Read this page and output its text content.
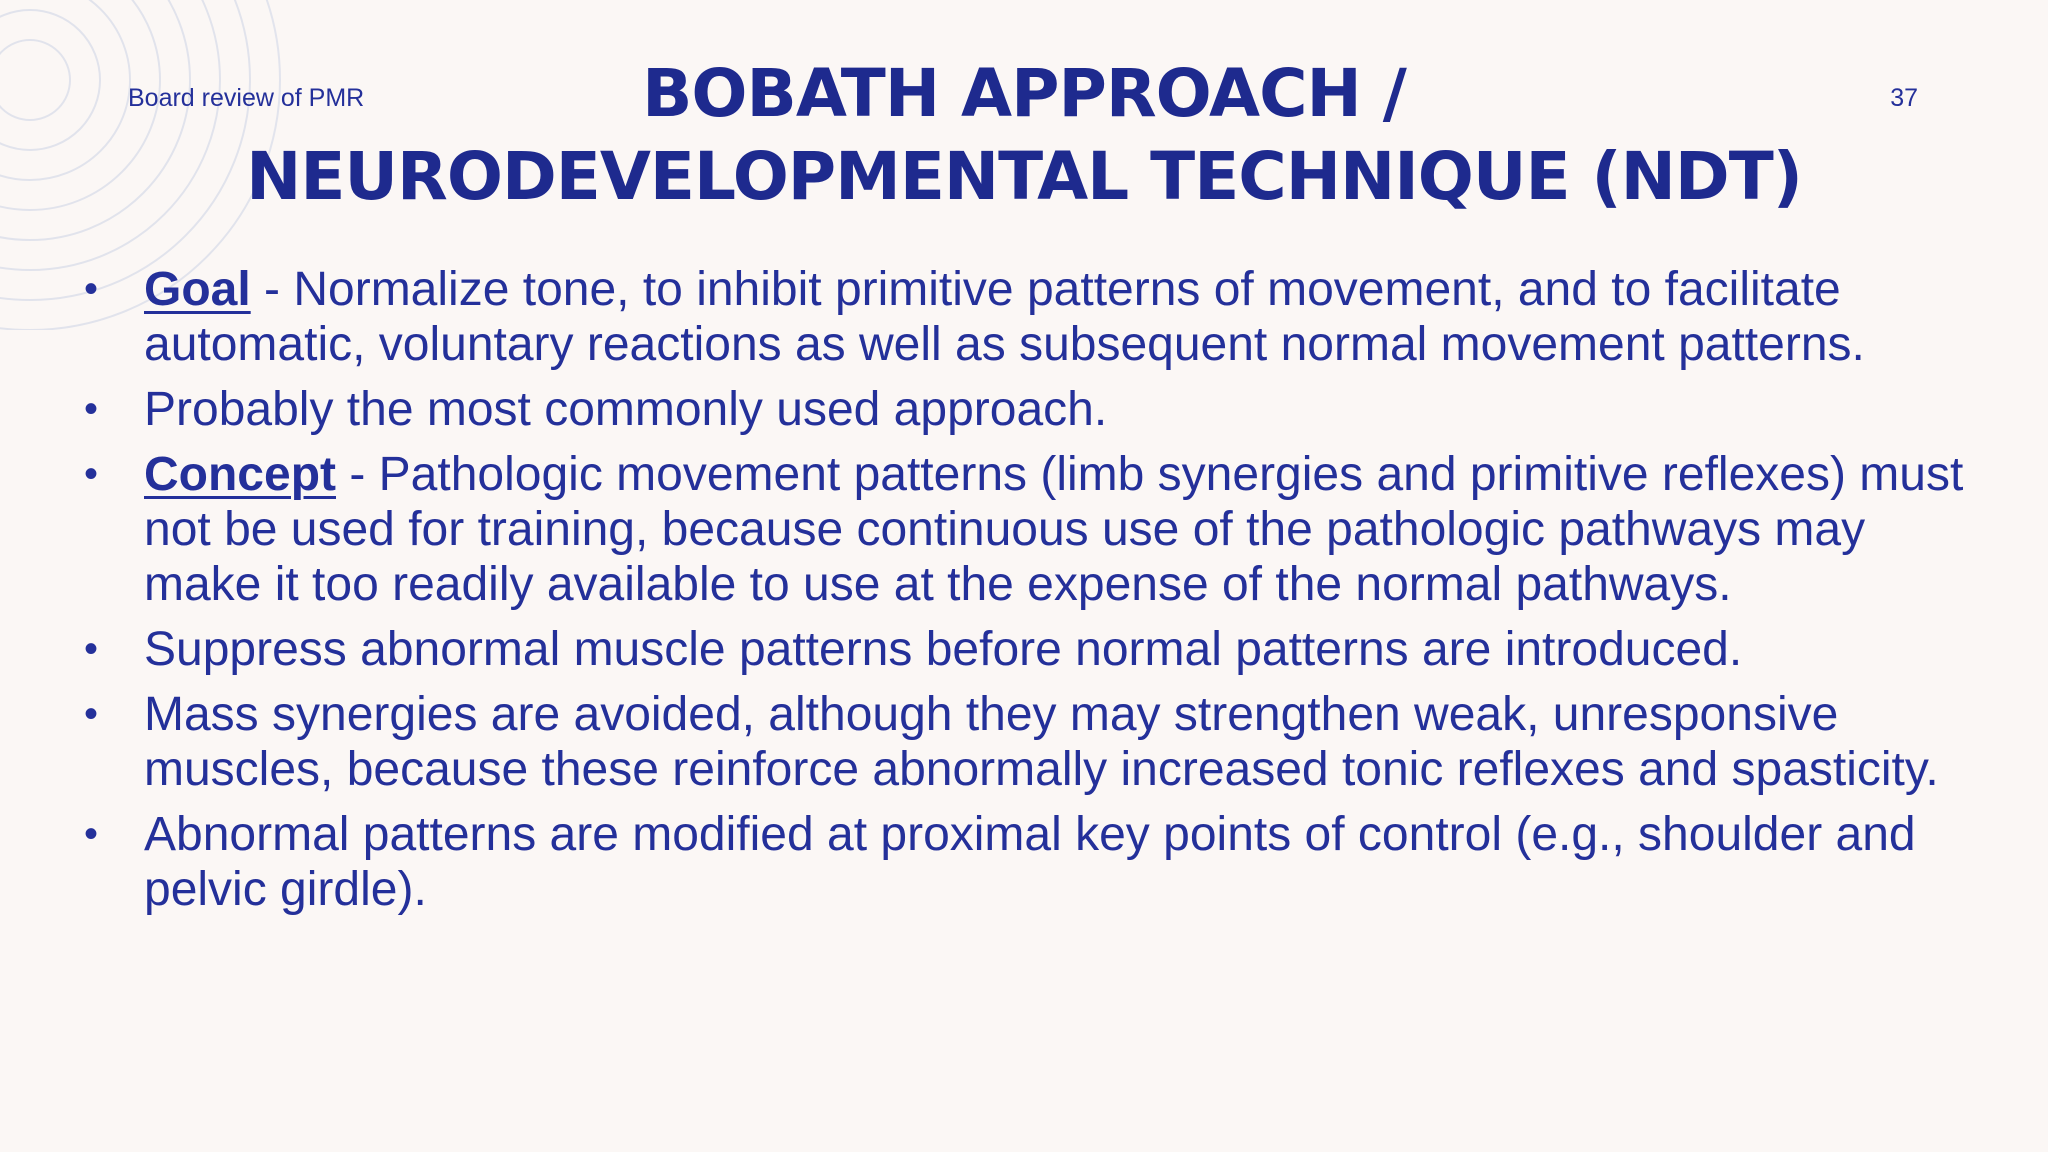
Board review of PMR	37
BOBATH APPROACH /
NEURODEVELOPMENTAL TECHNIQUE (NDT)
• Goal - Normalize tone, to inhibit primitive patterns of movement, and to facilitate automatic, voluntary reactions as well as subsequent normal movement patterns.
• Probably the most commonly used approach.
• Concept - Pathologic movement patterns (limb synergies and primitive reflexes) must not be used for training, because continuous use of the pathologic pathways may make it too readily available to use at the expense of the normal pathways.
• Suppress abnormal muscle patterns before normal patterns are introduced.
• Mass synergies are avoided, although they may strengthen weak, unresponsive muscles, because these reinforce abnormally increased tonic reflexes and spasticity.
• Abnormal patterns are modified at proximal key points of control (e.g., shoulder and pelvic girdle).
